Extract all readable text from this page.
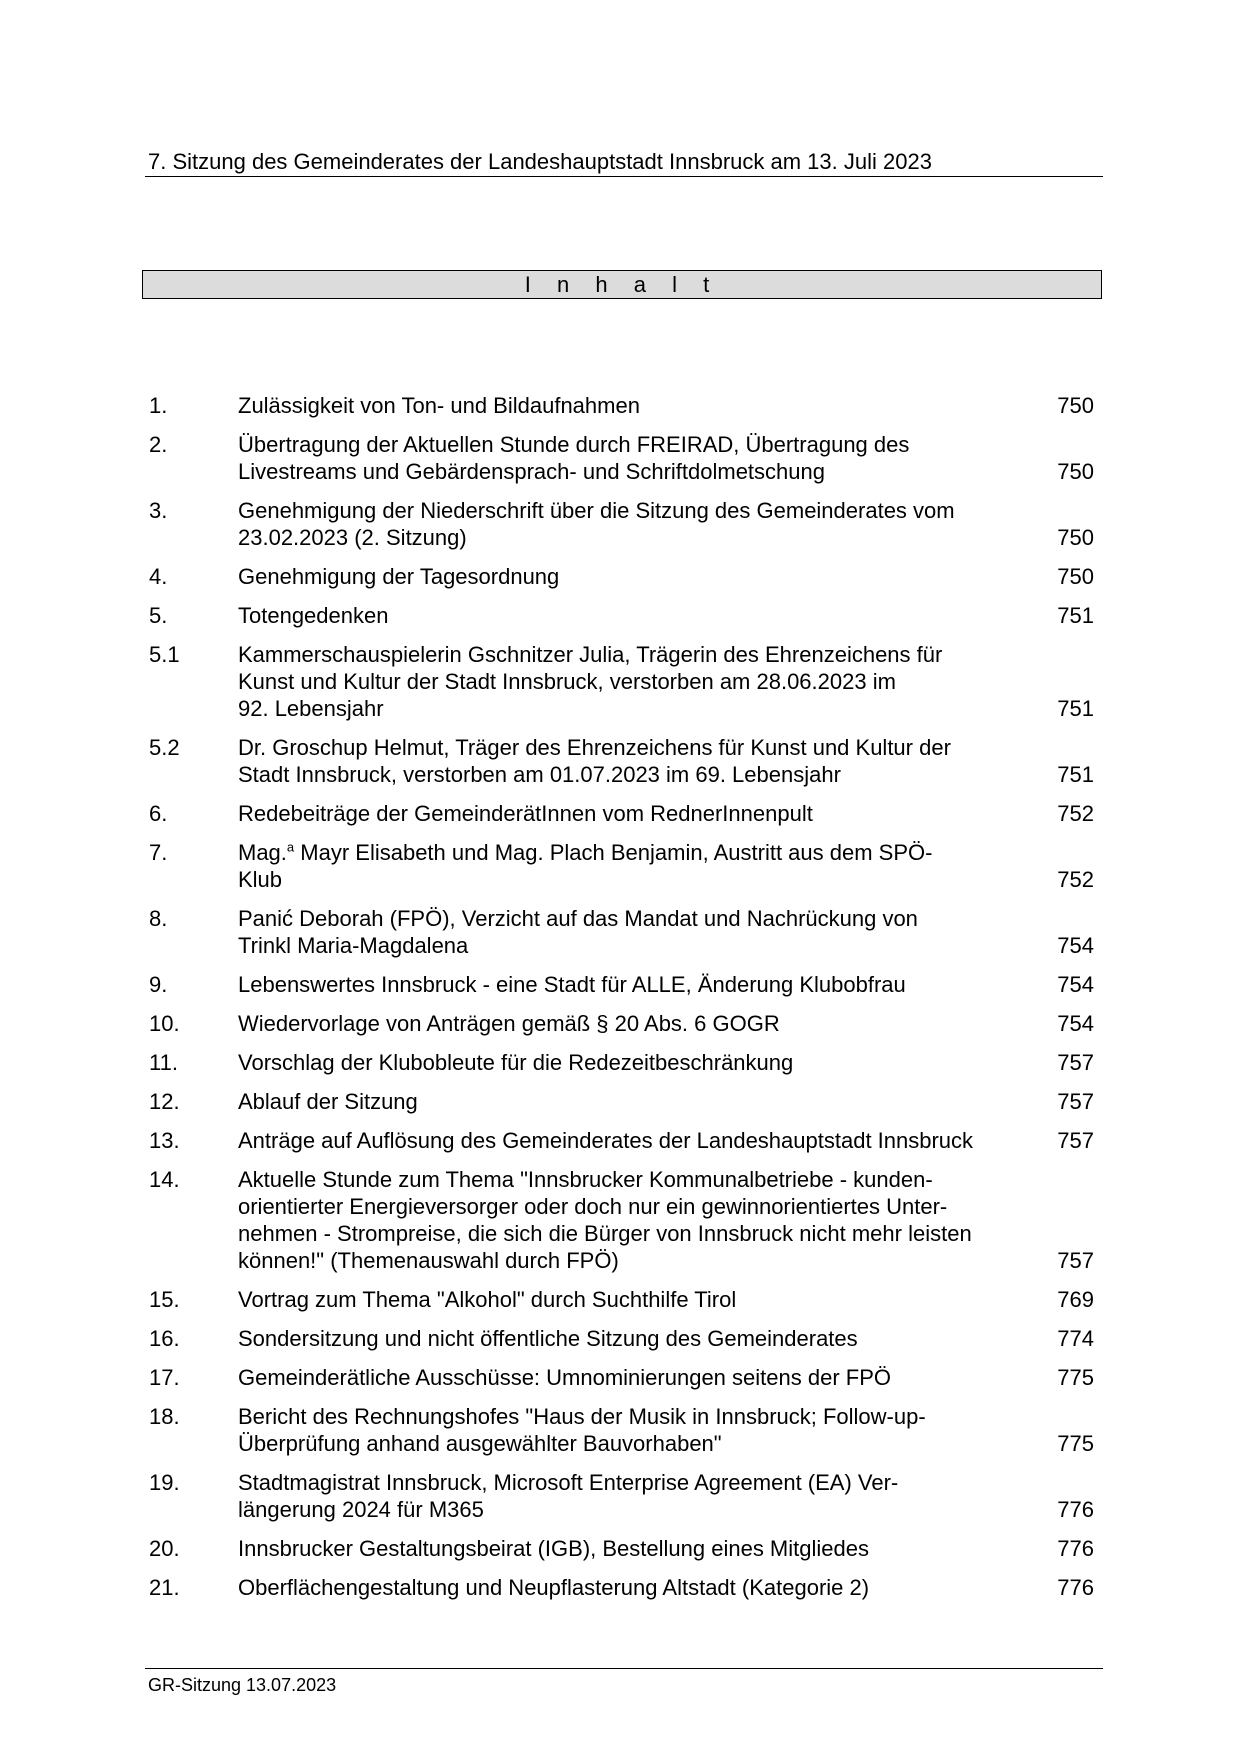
7. Sitzung des Gemeinderates der Landeshauptstadt Innsbruck am 13. Juli 2023
I n h a l t
1.	Zulässigkeit von Ton- und Bildaufnahmen	750
2.	Übertragung der Aktuellen Stunde durch FREIRAD, Übertragung des
Livestreams und Gebärdensprach- und Schriftdolmetschung	750
3.	Genehmigung der Niederschrift über die Sitzung des Gemeinderates vom
23.02.2023 (2. Sitzung)	750
4.	Genehmigung der Tagesordnung	750
5.	Totengedenken	751
5.1	Kammerschauspielerin Gschnitzer Julia, Trägerin des Ehrenzeichens für
Kunst und Kultur der Stadt Innsbruck, verstorben am 28.06.2023 im
92. Lebensjahr	751
5.2	Dr. Groschup Helmut, Träger des Ehrenzeichens für Kunst und Kultur der
Stadt Innsbruck, verstorben am 01.07.2023 im 69. Lebensjahr	751
6.	Redebeiträge der GemeinderätInnen vom RednerInnenpult	752
7.	Mag.$^a$ Mayr Elisabeth und Mag. Plach Benjamin, Austritt aus dem SPÖ-
Klub	752
8.	Panić Deborah (FPÖ), Verzicht auf das Mandat und Nachrückung von
Trinkl Maria-Magdalena	754
9.	Lebenswertes Innsbruck - eine Stadt für ALLE, Änderung Klubobfrau	754
10.	Wiedervorlage von Anträgen gemäß § 20 Abs. 6 GOGR	754
11.	Vorschlag der Klubobleute für die Redezeitbeschränkung	757
12.	Ablauf der Sitzung	757
13.	Anträge auf Auflösung des Gemeinderates der Landeshauptstadt Innsbruck	757
14.	Aktuelle Stunde zum Thema "Innsbrucker Kommunalbetriebe - kunden-
orientierter Energieversorger oder doch nur ein gewinnorientiertes Unter-
nehmen - Strompreise, die sich die Bürger von Innsbruck nicht mehr leisten
können!" (Themenauswahl durch FPÖ)	757
15.	Vortrag zum Thema "Alkohol" durch Suchthilfe Tirol	769
16.	Sondersitzung und nicht öffentliche Sitzung des Gemeinderates	774
17.	Gemeinderätliche Ausschüsse: Umnominierungen seitens der FPÖ	775
18.	Bericht des Rechnungshofes "Haus der Musik in Innsbruck; Follow-up-
Überprüfung anhand ausgewählter Bauvorhaben"	775
19.	Stadtmagistrat Innsbruck, Microsoft Enterprise Agreement (EA) Ver-
längerung 2024 für M365	776
20.	Innsbrucker Gestaltungsbeirat (IGB), Bestellung eines Mitgliedes	776
21.	Oberflächengestaltung und Neupflasterung Altstadt (Kategorie 2)	776
GR-Sitzung 13.07.2023
